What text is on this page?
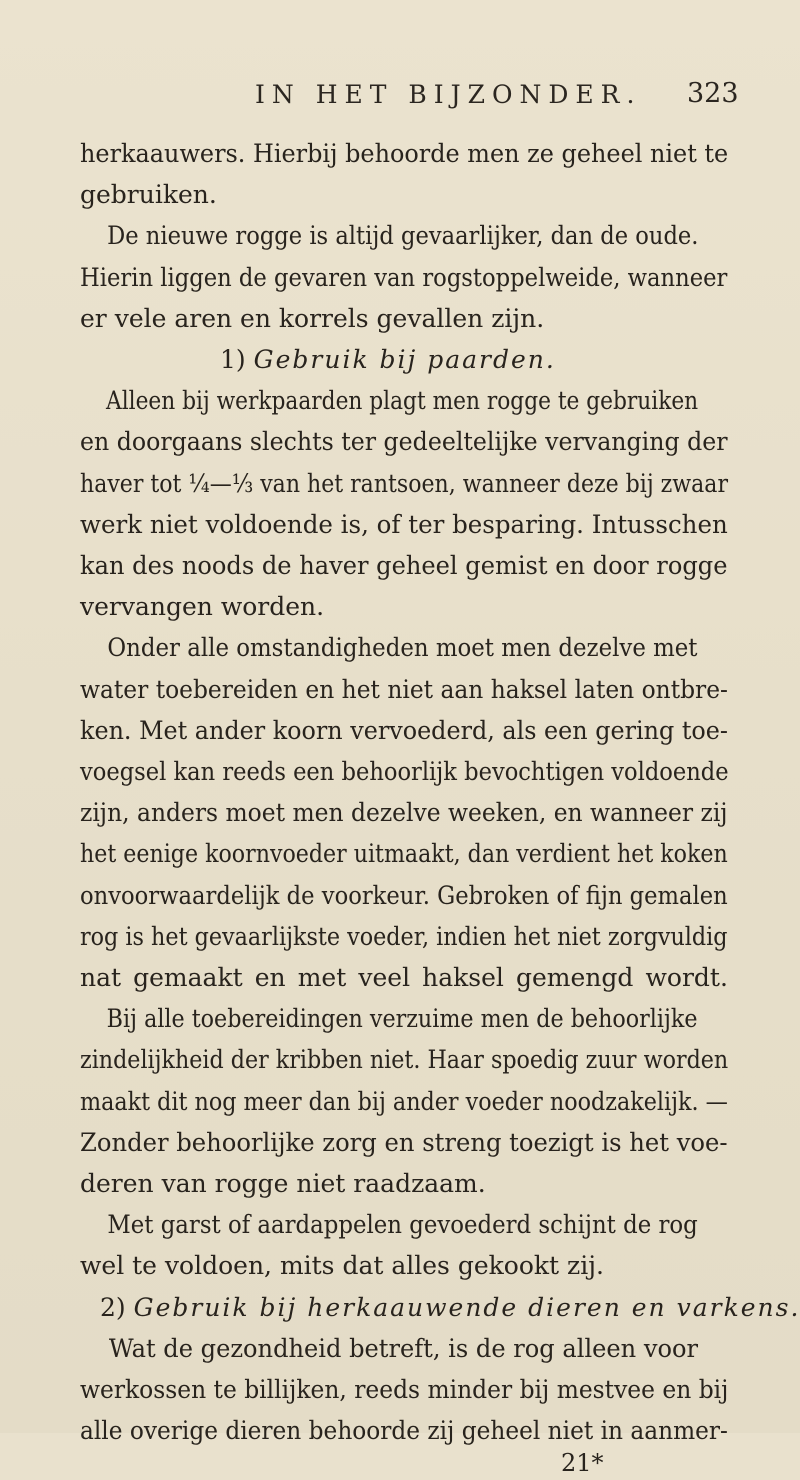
IN HET BIJZONDER. 323
herkaauwers. Hierbij behoorde men ze geheel niet te
gebruiken.
De nieuwe rogge is altijd gevaarlijker, dan de oude.
Hierin liggen de gevaren van rogstoppelweide, wanneer
er vele aren en korrels gevallen zijn.
1) Gebruik bij paarden.
Alleen bij werkpaarden plagt men rogge te gebruiken
en doorgaans slechts ter gedeeltelijke vervanging der
haver tot ¼—⅓ van het rantsoen, wanneer deze bij zwaar
werk niet voldoende is, of ter besparing. Intusschen
kan des noods de haver geheel gemist en door rogge
vervangen worden.
Onder alle omstandigheden moet men dezelve met
water toebereiden en het niet aan haksel laten ontbre-
ken. Met ander koorn vervoederd, als een gering toe-
voegsel kan reeds een behoorlijk bevochtigen voldoende
zijn, anders moet men dezelve weeken, en wanneer zij
het eenige koornvoeder uitmaakt, dan verdient het koken
onvoorwaardelijk de voorkeur. Gebroken of fijn gemalen
rog is het gevaarlijkste voeder, indien het niet zorgvuldig
nat gemaakt en met veel haksel gemengd wordt.
Bij alle toebereidingen verzuime men de behoorlijke
zindelijkheid der kribben niet. Haar spoedig zuur worden
maakt dit nog meer dan bij ander voeder noodzakelijk. —
Zonder behoorlijke zorg en streng toezigt is het voe-
deren van rogge niet raadzaam.
Met garst of aardappelen gevoederd schijnt de rog
wel te voldoen, mits dat alles gekookt zij.
2) Gebruik bij herkaauwende dieren en varkens.
Wat de gezondheid betreft, is de rog alleen voor
werkossen te billijken, reeds minder bij mestvee en bij
alle overige dieren behoorde zij geheel niet in aanmer-
21*
